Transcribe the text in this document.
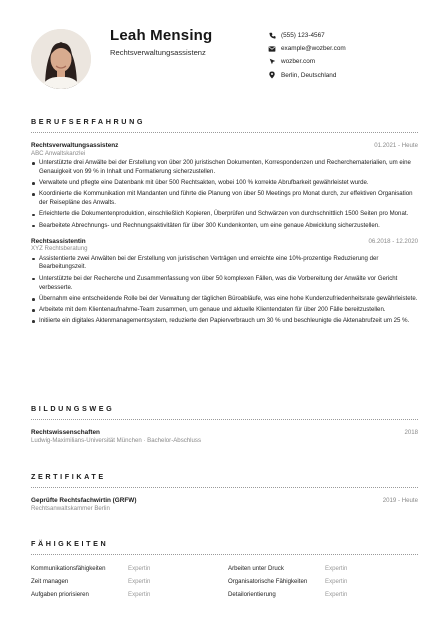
Leah Mensing
Rechtsverwaltungsassistenz
(555) 123-4567
example@wozber.com
wozber.com
Berlin, Deutschland
BERUFSERFAHRUNG
Rechtsverwaltungsassistenz	01.2021 - Heute
ABC Anwaltskanzlei
Unterstützte drei Anwälte bei der Erstellung von über 200 juristischen Dokumenten, Korrespondenzen und Recherchematerialien, um eine Genauigkeit von 99 % in Inhalt und Formatierung sicherzustellen.
Verwaltete und pflegte eine Datenbank mit über 500 Rechtsakten, wobei 100 % korrekte Abrufbarkeit gewährleistet wurde.
Koordinierte die Kommunikation mit Mandanten und führte die Planung von über 50 Meetings pro Monat durch, zur effektiven Organisation der Reisepläne des Anwalts.
Erleichterte die Dokumentenproduktion, einschließlich Kopieren, Überprüfen und Schwärzen von durchschnittlich 1500 Seiten pro Monat.
Bearbeitete Abrechnungs- und Rechnungsaktivitäten für über 300 Kundenkonten, um eine genaue Abwicklung sicherzustellen.
Rechtsassistentin	06.2018 - 12.2020
XYZ Rechtsberatung
Assistentierte zwei Anwälten bei der Erstellung von juristischen Verträgen und erreichte eine 10%-prozentige Reduzierung der Bearbeitungszeit.
Unterstützte bei der Recherche und Zusammenfassung von über 50 komplexen Fällen, was die Vorbereitung der Anwälte vor Gericht verbesserte.
Übernahm eine entscheidende Rolle bei der Verwaltung der täglichen Büroabläufe, was eine hohe Kundenzufriedenheitsrate gewährleistete.
Arbeitete mit dem Klientenaufnahme-Team zusammen, um genaue und aktuelle Klientendaten für über 200 Fälle bereitzustellen.
Initiierte ein digitales Aktenmanagementsystem, reduzierte den Papierverbrauch um 30 % und beschleunigte die Aktenabrufzeit um 25 %.
BILDUNGSWEG
Rechtswissenschaften	2018
Ludwig-Maximilians-Universität München · Bachelor-Abschluss
ZERTIFIKATE
Geprüfte Rechtsfachwirtin (GRFW)	2019 - Heute
Rechtsanwaltskammer Berlin
FÄHIGKEITEN
Kommunikationsfähigkeiten	Expertin	Arbeiten unter Druck	Expertin
Zeit managen	Expertin	Organisatorische Fähigkeiten	Expertin
Aufgaben priorisieren	Expertin	Detailorientierung	Expertin
